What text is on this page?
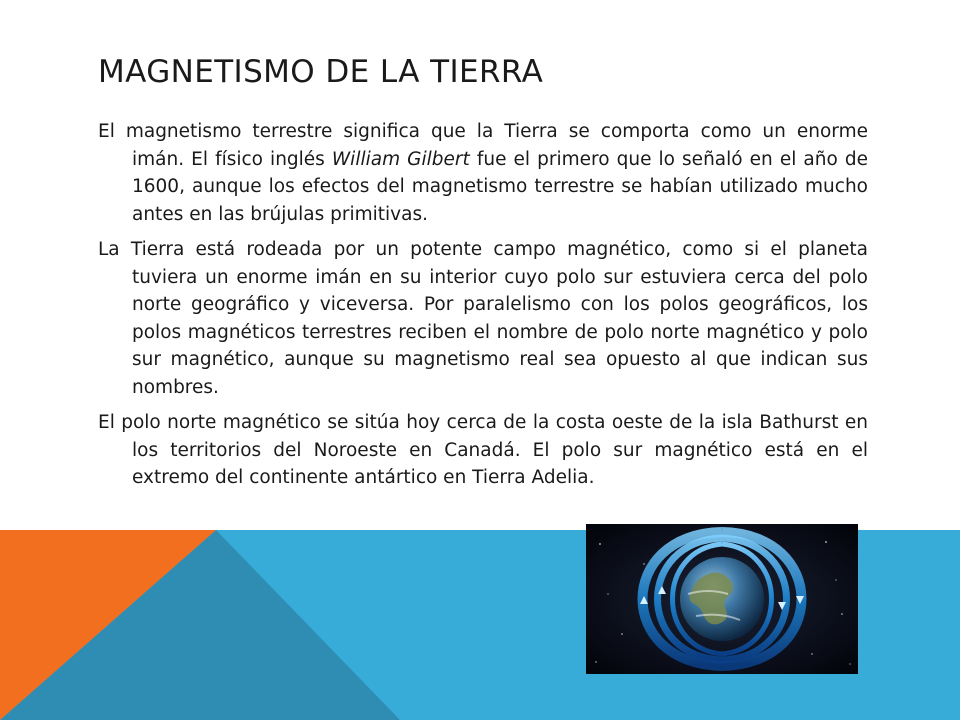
MAGNETISMO DE LA TIERRA

El magnetismo terrestre significa que la Tierra se comporta como un enorme imán. El físico inglés William Gilbert fue el primero que lo señaló en el año de 1600, aunque los efectos del magnetismo terrestre se habían utilizado mucho antes en las brújulas primitivas.

La Tierra está rodeada por un potente campo magnético, como si el planeta tuviera un enorme imán en su interior cuyo polo sur estuviera cerca del polo norte geográfico y viceversa. Por paralelismo con los polos geográficos, los polos magnéticos terrestres reciben el nombre de polo norte magnético y polo sur magnético, aunque su magnetismo real sea opuesto al que indican sus nombres.

El polo norte magnético se sitúa hoy cerca de la costa oeste de la isla Bathurst en los territorios del Noroeste en Canadá. El polo sur magnético está en el extremo del continente antártico en Tierra Adelia.
